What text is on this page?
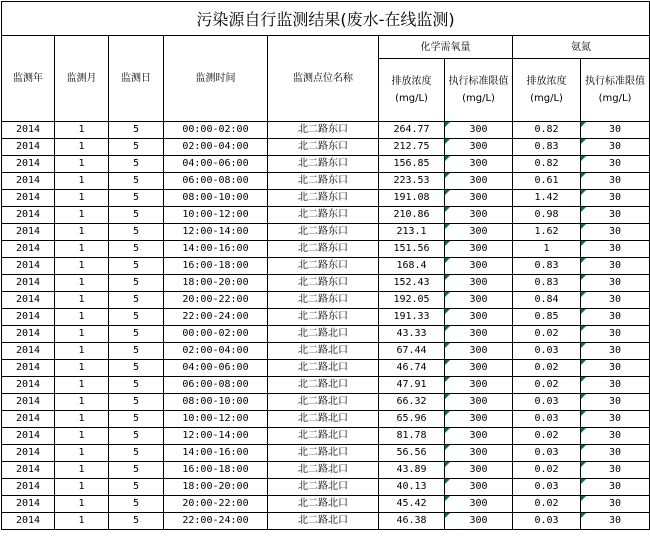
污染源自行监测结果(废水-在线监测)								
监测年	监测月	监测日	监测时间	监测点位名称	化学需氧量		氨氮	
					排放浓度(mg/L)	执行标准限值(mg/L)	排放浓度(mg/L)	执行标准限值(mg/L)
2014	1	5	00:00-02:00	北二路东口	264.77	300	0.82	30
2014	1	5	02:00-04:00	北二路东口	212.75	300	0.83	30
2014	1	5	04:00-06:00	北二路东口	156.85	300	0.82	30
2014	1	5	06:00-08:00	北二路东口	223.53	300	0.61	30
2014	1	5	08:00-10:00	北二路东口	191.08	300	1.42	30
2014	1	5	10:00-12:00	北二路东口	210.86	300	0.98	30
2014	1	5	12:00-14:00	北二路东口	213.1	300	1.62	30
2014	1	5	14:00-16:00	北二路东口	151.56	300	1	30
2014	1	5	16:00-18:00	北二路东口	168.4	300	0.83	30
2014	1	5	18:00-20:00	北二路东口	152.43	300	0.83	30
2014	1	5	20:00-22:00	北二路东口	192.05	300	0.84	30
2014	1	5	22:00-24:00	北二路东口	191.33	300	0.85	30
2014	1	5	00:00-02:00	北二路北口	43.33	300	0.02	30
2014	1	5	02:00-04:00	北二路北口	67.44	300	0.03	30
2014	1	5	04:00-06:00	北二路北口	46.74	300	0.02	30
2014	1	5	06:00-08:00	北二路北口	47.91	300	0.02	30
2014	1	5	08:00-10:00	北二路北口	66.32	300	0.03	30
2014	1	5	10:00-12:00	北二路北口	65.96	300	0.03	30
2014	1	5	12:00-14:00	北二路北口	81.78	300	0.02	30
2014	1	5	14:00-16:00	北二路北口	56.56	300	0.03	30
2014	1	5	16:00-18:00	北二路北口	43.89	300	0.02	30
2014	1	5	18:00-20:00	北二路北口	40.13	300	0.03	30
2014	1	5	20:00-22:00	北二路北口	45.42	300	0.02	30
2014	1	5	22:00-24:00	北二路北口	46.38	300	0.03	30
